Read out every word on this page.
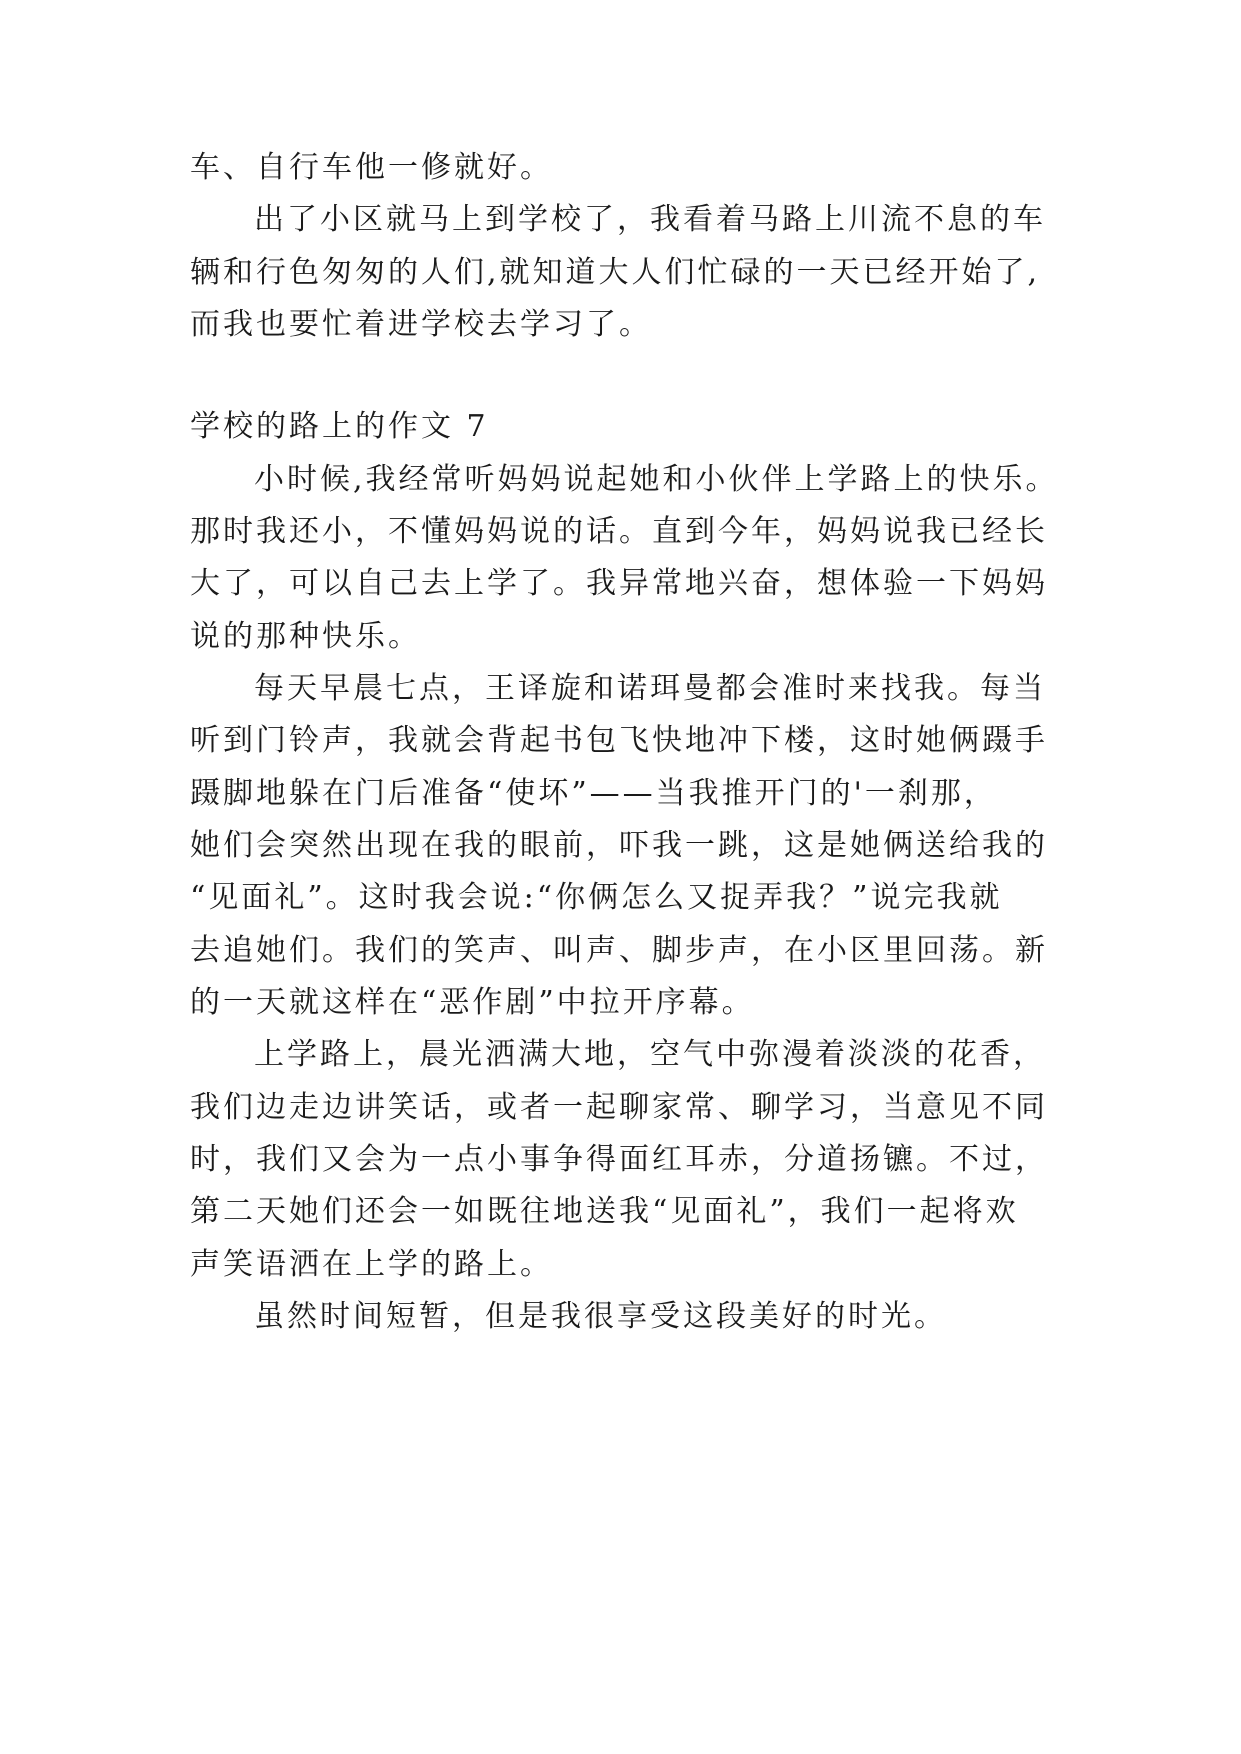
车、自行车他一修就好。
出了小区就马上到学校了，我看着马路上川流不息的车
辆和行色匆匆的人们,就知道大人们忙碌的一天已经开始了,
而我也要忙着进学校去学习了。
学校的路上的作文 7
小时候,我经常听妈妈说起她和小伙伴上学路上的快乐。
那时我还小，不懂妈妈说的话。直到今年，妈妈说我已经长
大了，可以自己去上学了。我异常地兴奋，想体验一下妈妈
说的那种快乐。
每天早晨七点，王译旋和诺珥曼都会准时来找我。每当
听到门铃声，我就会背起书包飞快地冲下楼，这时她俩蹑手
蹑脚地躲在门后准备“使坏”——当我推开门的'一刹那，
她们会突然出现在我的眼前，吓我一跳，这是她俩送给我的
“见面礼”。这时我会说:“你俩怎么又捉弄我？”说完我就
去追她们。我们的笑声、叫声、脚步声，在小区里回荡。新
的一天就这样在“恶作剧”中拉开序幕。
上学路上，晨光洒满大地，空气中弥漫着淡淡的花香，
我们边走边讲笑话，或者一起聊家常、聊学习，当意见不同
时，我们又会为一点小事争得面红耳赤，分道扬镳。不过，
第二天她们还会一如既往地送我“见面礼”，我们一起将欢
声笑语洒在上学的路上。
虽然时间短暂，但是我很享受这段美好的时光。
